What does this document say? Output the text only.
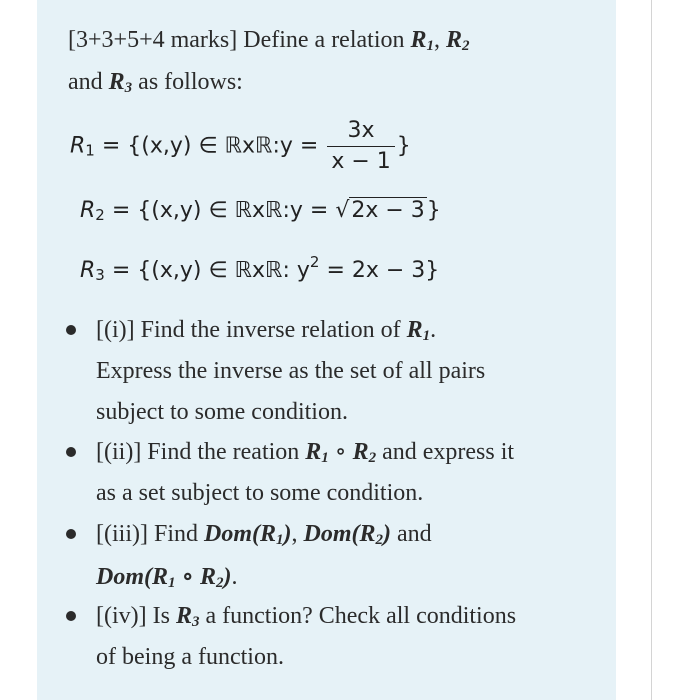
[3+3+5+4 marks] Define a relation $R_1$, $R_2$
and $R_3$ as follows:
$R_1 = \{(x,y)$ ∈ ℝxℝ:y = $\frac{3x}{x - 1}$ }
$R_2 = \{(x,y)$ ∈ ℝxℝ:y = √2x − 3}
$R_3 = \{(x,y)$ ∈ ℝxℝ: $y^2 = 2x - 3$}
[(i)] Find the inverse relation of $R_1$.
Express the inverse as the set of all pairs
subject to some condition.
[(ii)] Find the reation $R_1$ ∘ $R_2$ and express it
as a set subject to some condition.
[(iii)] Find $Dom(R_1)$, $Dom(R_2)$ and
$Dom(R_1$ ∘ $R_2$).
[(iv)] Is $R_3$ a function? Check all conditions
of being a function.
